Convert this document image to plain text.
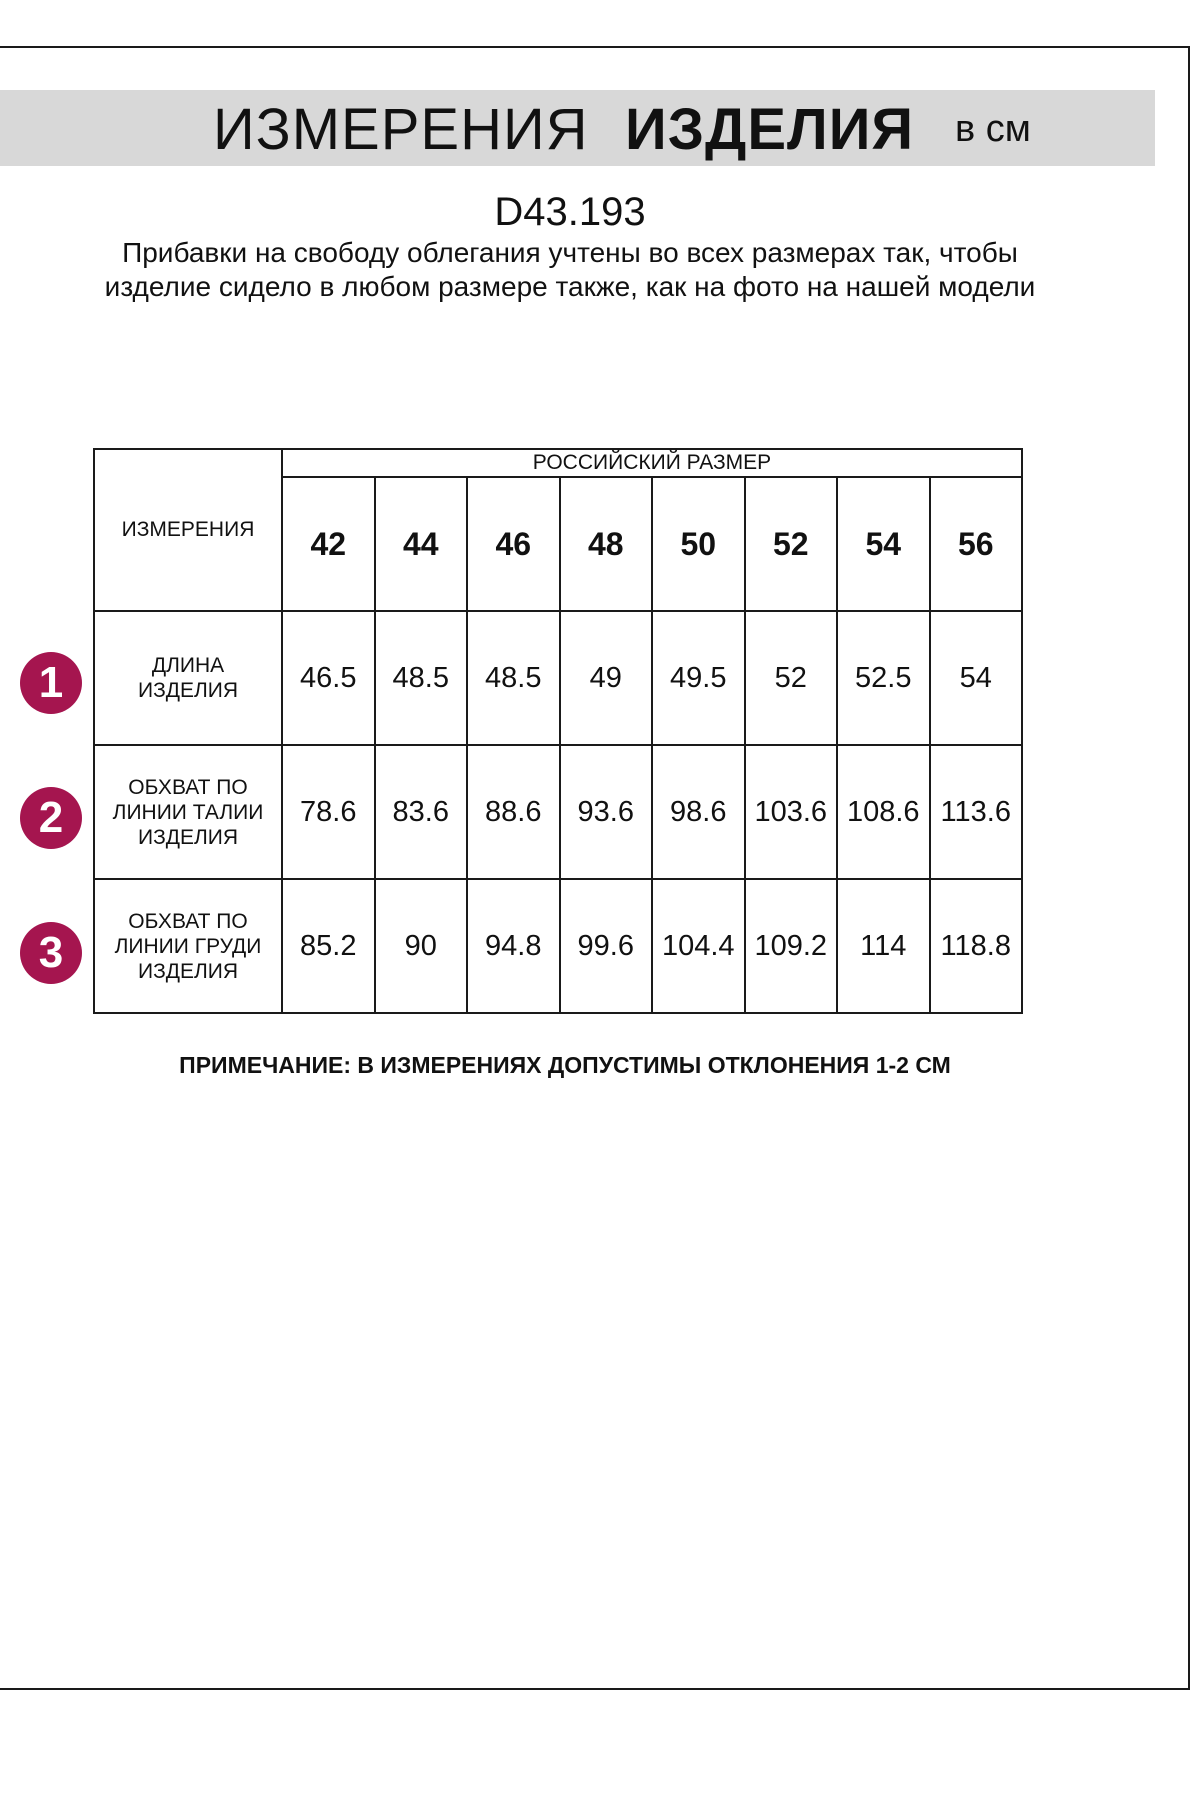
ИЗМЕРЕНИЯ ИЗДЕЛИЯ в см
D43.193
Прибавки на свободу облегания учтены во всех размерах так, чтобы изделие сидело в любом размере также, как на фото на нашей модели
ИЗМЕРЕНИЯ	РОССИЙСКИЙ РАЗМЕР							
	42	44	46	48	50	52	54	56
ДЛИНА ИЗДЕЛИЯ	46.5	48.5	48.5	49	49.5	52	52.5	54
ОБХВАТ ПО ЛИНИИ ТАЛИИ ИЗДЕЛИЯ	78.6	83.6	88.6	93.6	98.6	103.6	108.6	113.6
ОБХВАТ ПО ЛИНИИ ГРУДИ ИЗДЕЛИЯ	85.2	90	94.8	99.6	104.4	109.2	114	118.8
1
2
3
ПРИМЕЧАНИЕ: В ИЗМЕРЕНИЯХ ДОПУСТИМЫ ОТКЛОНЕНИЯ 1-2 СМ
